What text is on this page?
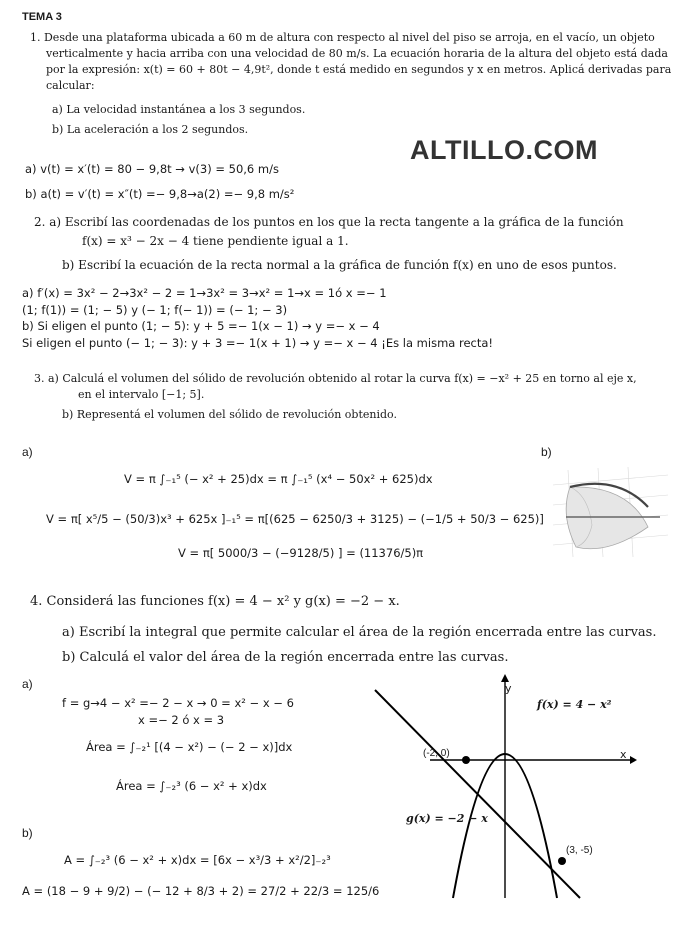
TEMA 3
1. Desde una plataforma ubicada a 60 m de altura con respecto al nivel del piso se arroja, en el vacío, un objeto
verticalmente y hacia arriba con una velocidad de 80 m/s. La ecuación horaria de la altura del objeto está dada
por la expresión: x(t) = 60 + 80t − 4,9t², donde t está medido en segundos y x en metros. Aplicá derivadas para
calcular:
a) La velocidad instantánea a los 3 segundos.
b) La aceleración a los 2 segundos.
ALTILLO.COM
a) v(t) = x′(t) = 80 − 9,8t → v(3) = 50,6 m/s
b) a(t) = v′(t) = x″(t) =− 9,8→a(2) =− 9,8 m/s²
2. a) Escribí las coordenadas de los puntos en los que la recta tangente a la gráfica de la función
f(x) = x³ − 2x − 4 tiene pendiente igual a 1.
b) Escribí la ecuación de la recta normal a la gráfica de función f(x) en uno de esos puntos.
a) f′(x) = 3x² − 2→3x² − 2 = 1→3x² = 3→x² = 1→x = 1ó x =− 1
(1; f(1)) = (1; − 5) y (− 1; f(− 1)) = (− 1; − 3)
b) Si eligen el punto (1; − 5): y + 5 =− 1(x − 1) → y =− x − 4
Si eligen el punto (− 1; − 3): y + 3 =− 1(x + 1) → y =− x − 4 ¡Es la misma recta!
3. a) Calculá el volumen del sólido de revolución obtenido al rotar la curva f(x) = −x² + 25 en torno al eje x,
en el intervalo [−1; 5].
b) Representá el volumen del sólido de revolución obtenido.
a)	b)
V = π ∫₋₁⁵ (− x² + 25)dx = π ∫₋₁⁵ (x⁴ − 50x² + 625)dx
V = π[ x⁵/5 − (50/3)x³ + 625x ]₋₁⁵ = π[(625 − 6250/3 + 3125) − (−1/5 + 50/3 − 625)]
V = π[ 5000/3 − (−9128/5) ] = (11376/5)π
4. Considerá las funciones f(x) = 4 − x² y g(x) = −2 − x.
a) Escribí la integral que permite calcular el área de la región encerrada entre las curvas.
b) Calculá el valor del área de la región encerrada entre las curvas.
a)
f = g→4 − x² =− 2 − x → 0 = x² − x − 6
x =− 2 ó x = 3
Área = ∫₋₂¹ [(4 − x²) − (− 2 − x)]dx
Área = ∫₋₂³ (6 − x² + x)dx
b)
A = ∫₋₂³ (6 − x² + x)dx = [6x − x³/3 + x²/2]₋₂³
A = (18 − 9 + 9/2) − (− 12 + 8/3 + 2) = 27/2 + 22/3 = 125/6
y
x
f(x) = 4 − x²
g(x) = −2 − x
(-2, 0)
(3, -5)
